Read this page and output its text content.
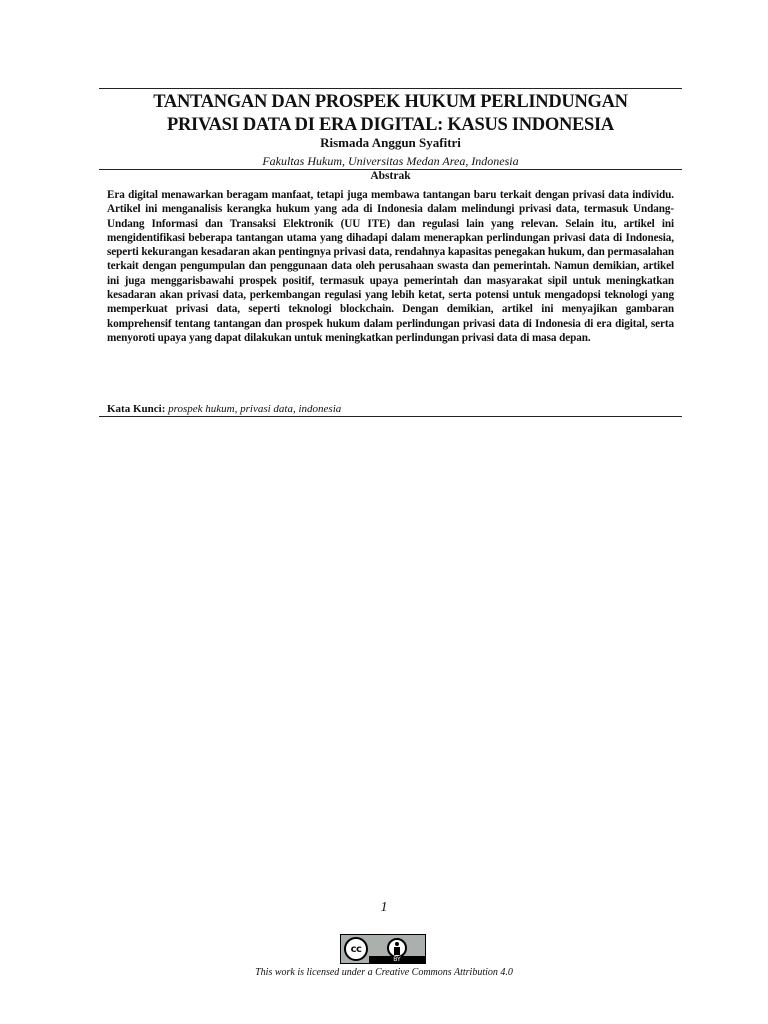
TANTANGAN DAN PROSPEK HUKUM PERLINDUNGAN
PRIVASI DATA DI ERA DIGITAL: KASUS INDONESIA
Rismada Anggun Syafitri
Fakultas Hukum, Universitas Medan Area, Indonesia
Abstrak
Era digital menawarkan beragam manfaat, tetapi juga membawa tantangan baru terkait dengan privasi data individu. Artikel ini menganalisis kerangka hukum yang ada di Indonesia dalam melindungi privasi data, termasuk Undang-Undang Informasi dan Transaksi Elektronik (UU ITE) dan regulasi lain yang relevan. Selain itu, artikel ini mengidentifikasi beberapa tantangan utama yang dihadapi dalam menerapkan perlindungan privasi data di Indonesia, seperti kekurangan kesadaran akan pentingnya privasi data, rendahnya kapasitas penegakan hukum, dan permasalahan terkait dengan pengumpulan dan penggunaan data oleh perusahaan swasta dan pemerintah. Namun demikian, artikel ini juga menggarisbawahi prospek positif, termasuk upaya pemerintah dan masyarakat sipil untuk meningkatkan kesadaran akan privasi data, perkembangan regulasi yang lebih ketat, serta potensi untuk mengadopsi teknologi yang memperkuat privasi data, seperti teknologi blockchain. Dengan demikian, artikel ini menyajikan gambaran komprehensif tentang tantangan dan prospek hukum dalam perlindungan privasi data di Indonesia di era digital, serta menyoroti upaya yang dapat dilakukan untuk meningkatkan perlindungan privasi data di masa depan.
Kata Kunci: prospek hukum, privasi data, indonesia
1
cc
BY
This work is licensed under a Creative Commons Attribution 4.0
